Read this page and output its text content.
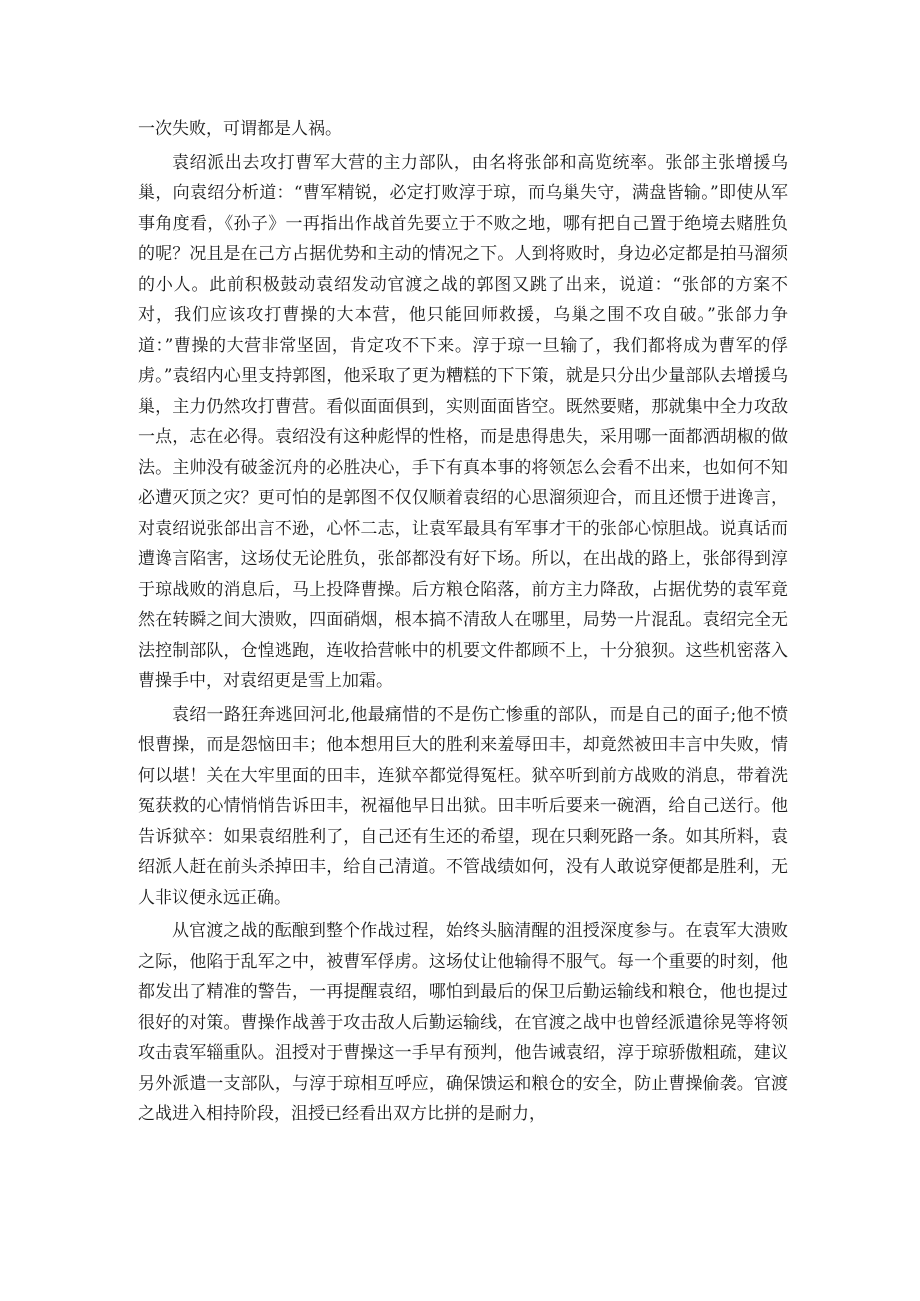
一次失败，可谓都是人祸。

袁绍派出去攻打曹军大营的主力部队，由名将张郃和高览统率。张郃主张增援乌巢，向袁绍分析道：“曹军精锐，必定打败淳于琼，而乌巢失守，满盘皆输。”即使从军事角度看，《孙子》一再指出作战首先要立于不败之地，哪有把自己置于绝境去赌胜负的呢？况且是在己方占据优势和主动的情况之下。人到将败时，身边必定都是拍马溜须的小人。此前积极鼓动袁绍发动官渡之战的郭图又跳了出来，说道：“张郃的方案不对，我们应该攻打曹操的大本营，他只能回师救援，乌巢之围不攻自破。”张郃力争道：”曹操的大营非常坚固，肯定攻不下来。淳于琼一旦输了，我们都将成为曹军的俘虏。”袁绍内心里支持郭图，他采取了更为糟糕的下下策，就是只分出少量部队去增援乌巢，主力仍然攻打曹营。看似面面俱到，实则面面皆空。既然要赌，那就集中全力攻敌一点，志在必得。袁绍没有这种彪悍的性格，而是患得患失，采用哪一面都洒胡椒的做法。主帅没有破釜沉舟的必胜决心，手下有真本事的将领怎么会看不出来，也如何不知必遭灭顶之灾？更可怕的是郭图不仅仅顺着袁绍的心思溜须迎合，而且还惯于进谗言，对袁绍说张郃出言不逊，心怀二志，让袁军最具有军事才干的张郃心惊胆战。说真话而遭谗言陷害，这场仗无论胜负，张郃都没有好下场。所以，在出战的路上，张郃得到淳于琼战败的消息后，马上投降曹操。后方粮仓陷落，前方主力降敌，占据优势的袁军竟然在转瞬之间大溃败，四面硝烟，根本搞不清敌人在哪里，局势一片混乱。袁绍完全无法控制部队，仓惶逃跑，连收拾营帐中的机要文件都顾不上，十分狼狈。这些机密落入曹操手中，对袁绍更是雪上加霜。

袁绍一路狂奔逃回河北,他最痛惜的不是伤亡惨重的部队，而是自己的面子;他不愤恨曹操，而是怨恼田丰；他本想用巨大的胜利来羞辱田丰，却竟然被田丰言中失败，情何以堪！关在大牢里面的田丰，连狱卒都觉得冤枉。狱卒听到前方战败的消息，带着洗冤获救的心情悄悄告诉田丰，祝福他早日出狱。田丰听后要来一碗酒，给自己送行。他告诉狱卒：如果袁绍胜利了，自己还有生还的希望，现在只剩死路一条。如其所料，袁绍派人赶在前头杀掉田丰，给自己清道。不管战绩如何，没有人敢说穿便都是胜利，无人非议便永远正确。

从官渡之战的酝酿到整个作战过程，始终头脑清醒的沮授深度参与。在袁军大溃败之际，他陷于乱军之中，被曹军俘虏。这场仗让他输得不服气。每一个重要的时刻，他都发出了精准的警告，一再提醒袁绍，哪怕到最后的保卫后勤运输线和粮仓，他也提过很好的对策。曹操作战善于攻击敌人后勤运输线，在官渡之战中也曾经派遣徐晃等将领攻击袁军辎重队。沮授对于曹操这一手早有预判，他告诫袁绍，淳于琼骄傲粗疏，建议另外派遣一支部队，与淳于琼相互呼应，确保馈运和粮仓的安全，防止曹操偷袭。官渡之战进入相持阶段，沮授已经看出双方比拼的是耐力，
